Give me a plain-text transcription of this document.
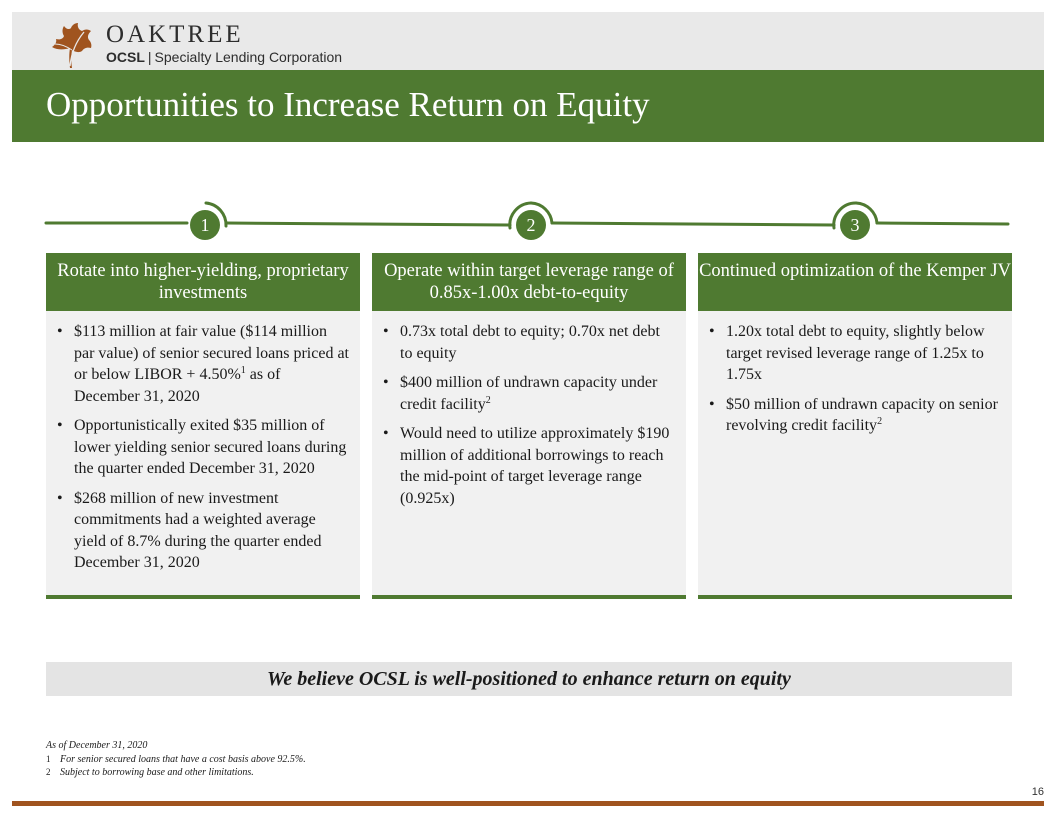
OAKTREE
OCSL | Specialty Lending Corporation
Opportunities to Increase Return on Equity
1	2	3
Rotate into higher-yielding, proprietary investments
• $113 million at fair value ($114 million par value) of senior secured loans priced at or below LIBOR + 4.50%$^1$ as of December 31, 2020
• Opportunistically exited $35 million of lower yielding senior secured loans during the quarter ended December 31, 2020
• $268 million of new investment commitments had a weighted average yield of 8.7% during the quarter ended December 31, 2020
Operate within target leverage range of 0.85x-1.00x debt-to-equity
• 0.73x total debt to equity; 0.70x net debt to equity
• $400 million of undrawn capacity under credit facility$^2$
• Would need to utilize approximately $190 million of additional borrowings to reach the mid-point of target leverage range (0.925x)
Continued optimization of the Kemper JV
• 1.20x total debt to equity, slightly below target revised leverage range of 1.25x to 1.75x
• $50 million of undrawn capacity on senior revolving credit facility$^2$
We believe OCSL is well-positioned to enhance return on equity
As of December 31, 2020
1 For senior secured loans that have a cost basis above 92.5%.
2 Subject to borrowing base and other limitations.
16
